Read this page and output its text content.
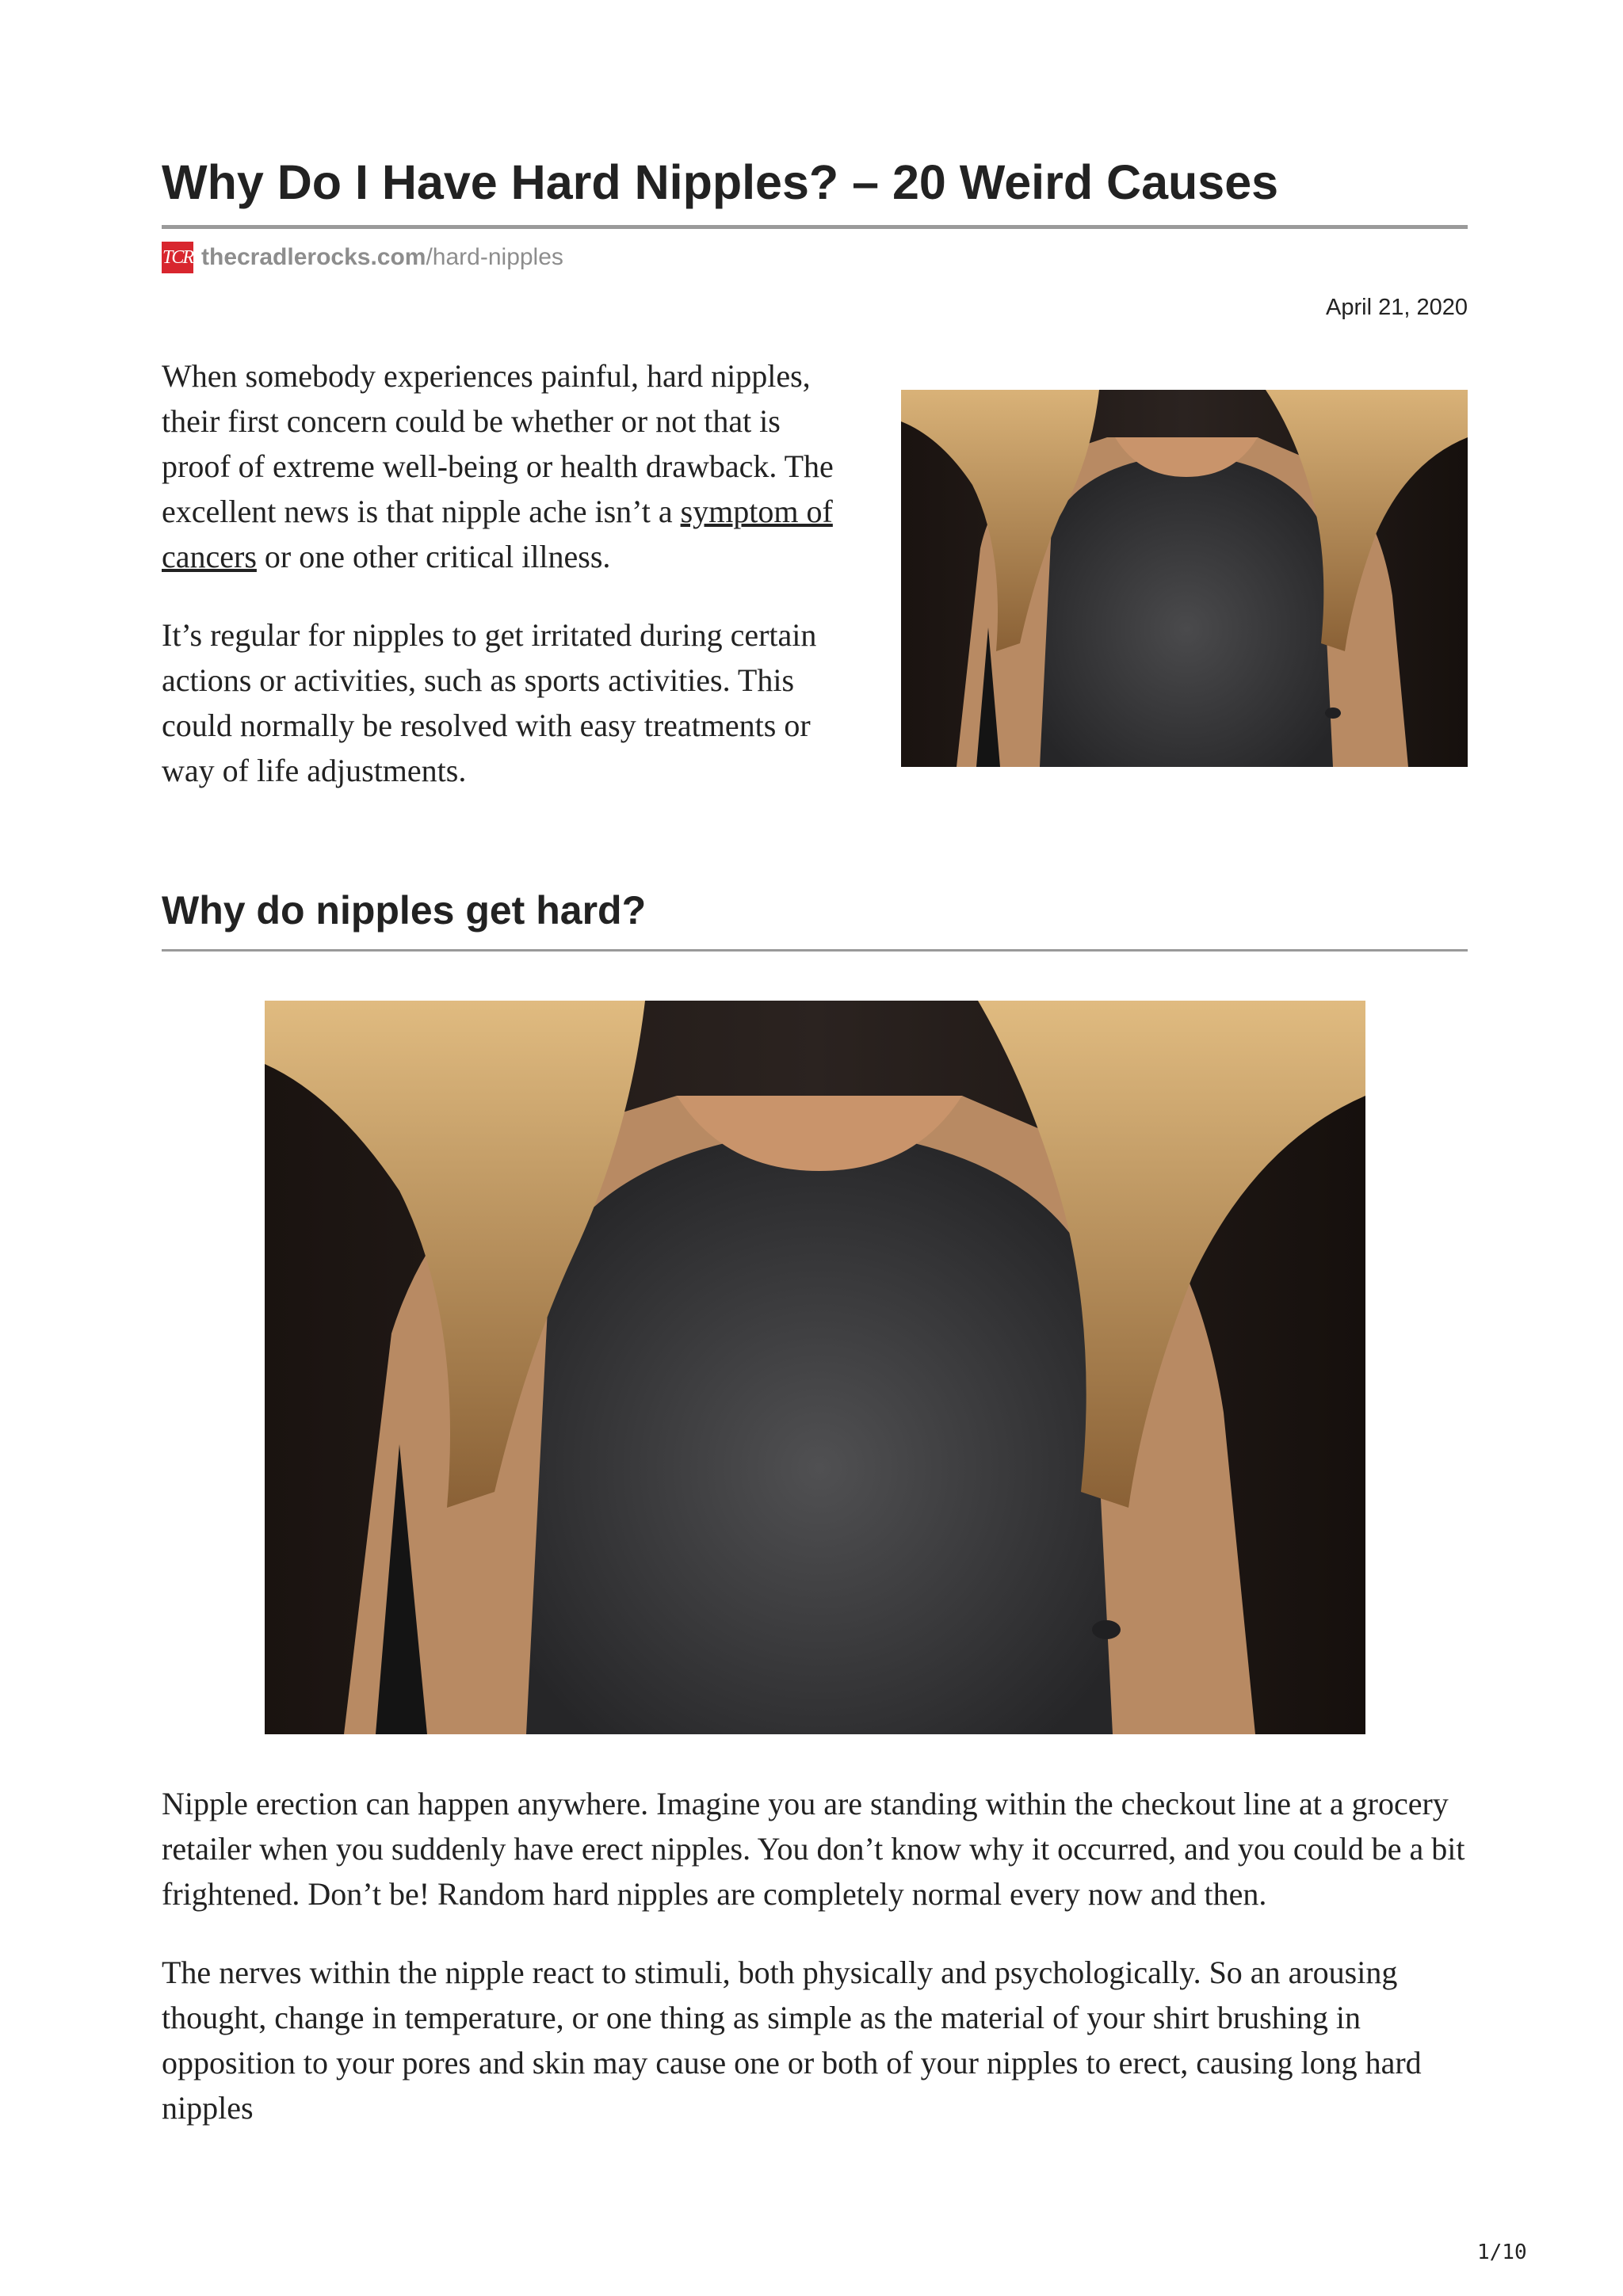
Why Do I Have Hard Nipples? – 20 Weird Causes
TCR thecradlerocks.com /hard-nipples
April 21, 2020

When somebody experiences painful, hard nipples, their first concern could be whether or not that is proof of extreme well-being or health drawback. The excellent news is that nipple ache isn’t a symptom of cancers or one other critical illness.

It’s regular for nipples to get irritated during certain actions or activities, such as sports activities. This could normally be resolved with easy treatments or way of life adjustments.

Why do nipples get hard?

Nipple erection can happen anywhere. Imagine you are standing within the checkout line at a grocery retailer when you suddenly have erect nipples. You don’t know why it occurred, and you could be a bit frightened. Don’t be! Random hard nipples are completely normal every now and then.

The nerves within the nipple react to stimuli, both physically and psychologically. So an arousing thought, change in temperature, or one thing as simple as the material of your shirt brushing in opposition to your pores and skin may cause one or both of your nipples to erect, causing long hard nipples

1/10
